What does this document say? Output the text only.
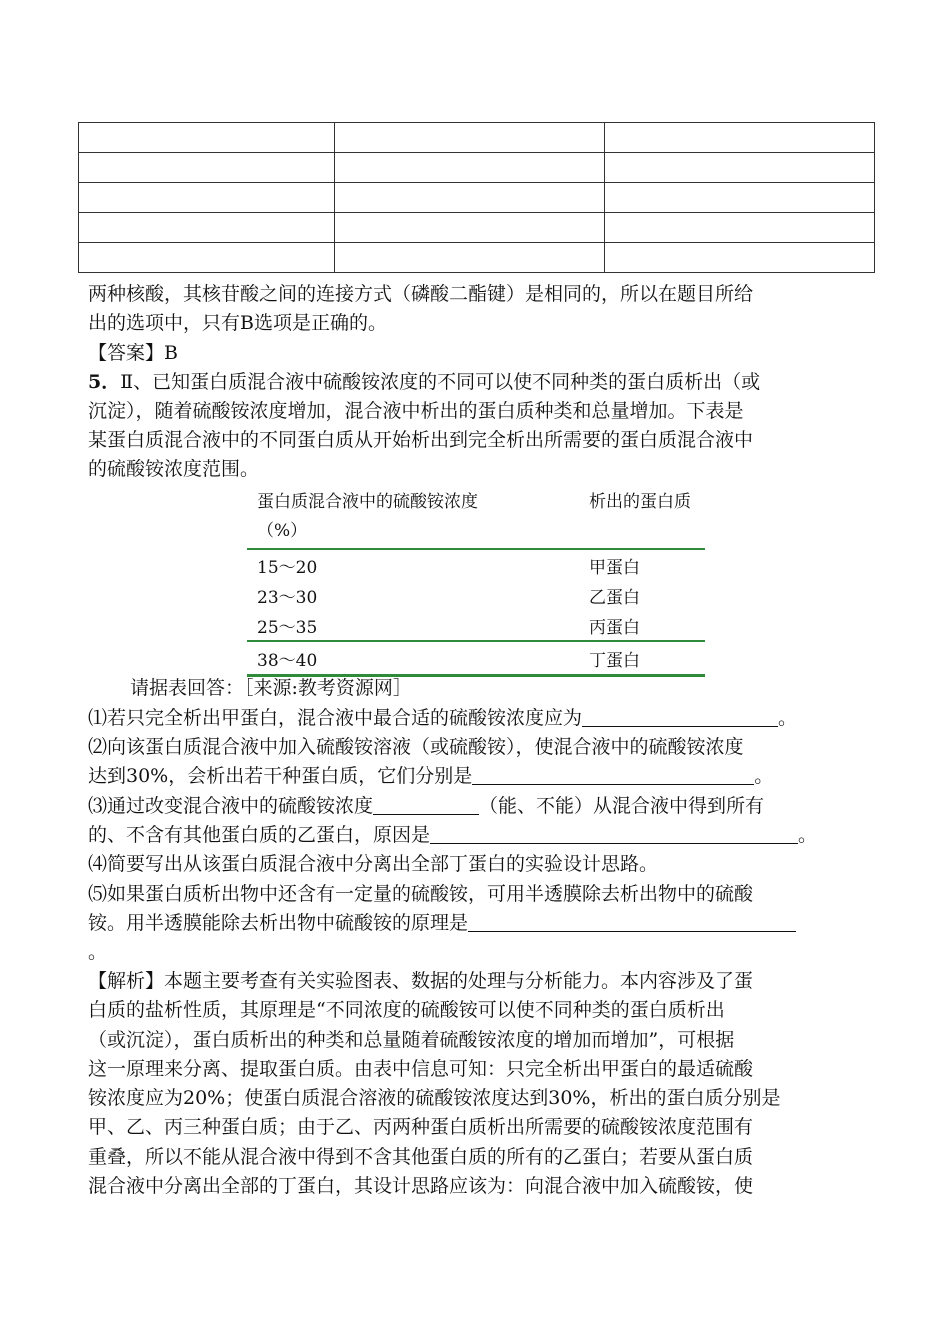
两种核酸，其核苷酸之间的连接方式（磷酸二酯键）是相同的，所以在题目所给
出的选项中，只有B选项是正确的。
【答案】B
5．Ⅱ、已知蛋白质混合液中硫酸铵浓度的不同可以使不同种类的蛋白质析出（或
沉淀），随着硫酸铵浓度增加，混合液中析出的蛋白质种类和总量增加。下表是
某蛋白质混合液中的不同蛋白质从开始析出到完全析出所需要的蛋白质混合液中
的硫酸铵浓度范围。
蛋白质混合液中的硫酸铵浓度
（%）	析出的蛋白质
15～20	甲蛋白
23～30	乙蛋白
25～35	丙蛋白
38～40	丁蛋白
请据表回答：［来源:教考资源网］
⑴若只完全析出甲蛋白，混合液中最合适的硫酸铵浓度应为	。
⑵向该蛋白质混合液中加入硫酸铵溶液（或硫酸铵），使混合液中的硫酸铵浓度
达到30%，会析出若干种蛋白质，它们分别是	。
⑶通过改变混合液中的硫酸铵浓度	（能、不能）从混合液中得到所有
的、不含有其他蛋白质的乙蛋白，原因是	。
⑷简要写出从该蛋白质混合液中分离出全部丁蛋白的实验设计思路。
⑸如果蛋白质析出物中还含有一定量的硫酸铵，可用半透膜除去析出物中的硫酸
铵。用半透膜能除去析出物中硫酸铵的原理是
。
【解析】本题主要考查有关实验图表、数据的处理与分析能力。本内容涉及了蛋
白质的盐析性质，其原理是“不同浓度的硫酸铵可以使不同种类的蛋白质析出
（或沉淀），蛋白质析出的种类和总量随着硫酸铵浓度的增加而增加”，可根据
这一原理来分离、提取蛋白质。由表中信息可知：只完全析出甲蛋白的最适硫酸
铵浓度应为20%；使蛋白质混合溶液的硫酸铵浓度达到30%，析出的蛋白质分别是
甲、乙、丙三种蛋白质；由于乙、丙两种蛋白质析出所需要的硫酸铵浓度范围有
重叠，所以不能从混合液中得到不含其他蛋白质的所有的乙蛋白；若要从蛋白质
混合液中分离出全部的丁蛋白，其设计思路应该为：向混合液中加入硫酸铵，使
